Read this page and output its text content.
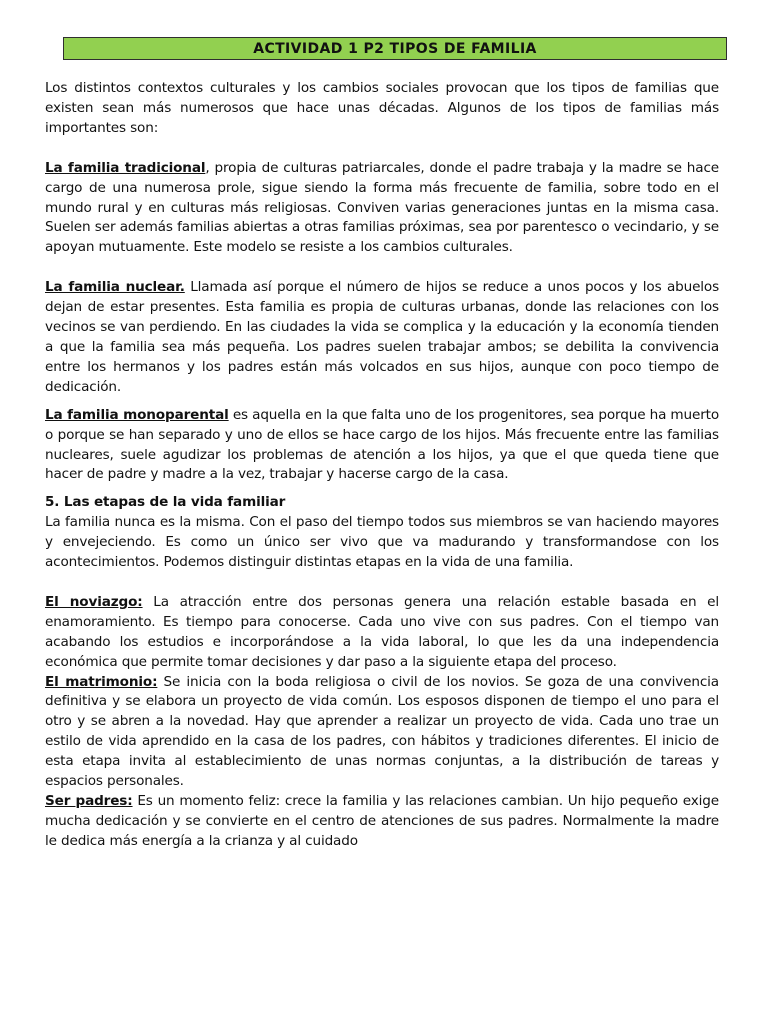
ACTIVIDAD 1 P2 TIPOS DE FAMILIA

Los distintos contextos culturales y los cambios sociales provocan que los tipos de familias que existen sean más numerosos que hace unas décadas. Algunos de los tipos de familias más importantes son:

La familia tradicional, propia de culturas patriarcales, donde el padre trabaja y la madre se hace cargo de una numerosa prole, sigue siendo la forma más frecuente de familia, sobre todo en el mundo rural y en culturas más religiosas. Conviven varias generaciones juntas en la misma casa. Suelen ser además familias abiertas a otras familias próximas, sea por parentesco o vecindario, y se apoyan mutuamente. Este modelo se resiste a los cambios culturales.

La familia nuclear. Llamada así porque el número de hijos se reduce a unos pocos y los abuelos dejan de estar presentes. Esta familia es propia de culturas urbanas, donde las relaciones con los vecinos se van perdiendo. En las ciudades la vida se complica y la educación y la economía tienden a que la familia sea más pequeña. Los padres suelen trabajar ambos; se debilita la convivencia entre los hermanos y los padres están más volcados en sus hijos, aunque con poco tiempo de dedicación.

La familia monoparental es aquella en la que falta uno de los progenitores, sea porque ha muerto o porque se han separado y uno de ellos se hace cargo de los hijos. Más frecuente entre las familias nucleares, suele agudizar los problemas de atención a los hijos, ya que el que queda tiene que hacer de padre y madre a la vez, trabajar y hacerse cargo de la casa.

5. Las etapas de la vida familiar

La familia nunca es la misma. Con el paso del tiempo todos sus miembros se van haciendo mayores y envejeciendo. Es como un único ser vivo que va madurando y transformandose con los acontecimientos. Podemos distinguir distintas etapas en la vida de una familia.

El noviazgo: La atracción entre dos personas genera una relación estable basada en el enamoramiento. Es tiempo para conocerse. Cada uno vive con sus padres. Con el tiempo van acabando los estudios e incorporándose a la vida laboral, lo que les da una independencia económica que permite tomar decisiones y dar paso a la siguiente etapa del proceso.

El matrimonio: Se inicia con la boda religiosa o civil de los novios. Se goza de una convivencia definitiva y se elabora un proyecto de vida común. Los esposos disponen de tiempo el uno para el otro y se abren a la novedad. Hay que aprender a realizar un proyecto de vida. Cada uno trae un estilo de vida aprendido en la casa de los padres, con hábitos y tradiciones diferentes. El inicio de esta etapa invita al establecimiento de unas normas conjuntas, a la distribución de tareas y espacios personales.

Ser padres: Es un momento feliz: crece la familia y las relaciones cambian. Un hijo pequeño exige mucha dedicación y se convierte en el centro de atenciones de sus padres. Normalmente la madre le dedica más energía a la crianza y al cuidado
